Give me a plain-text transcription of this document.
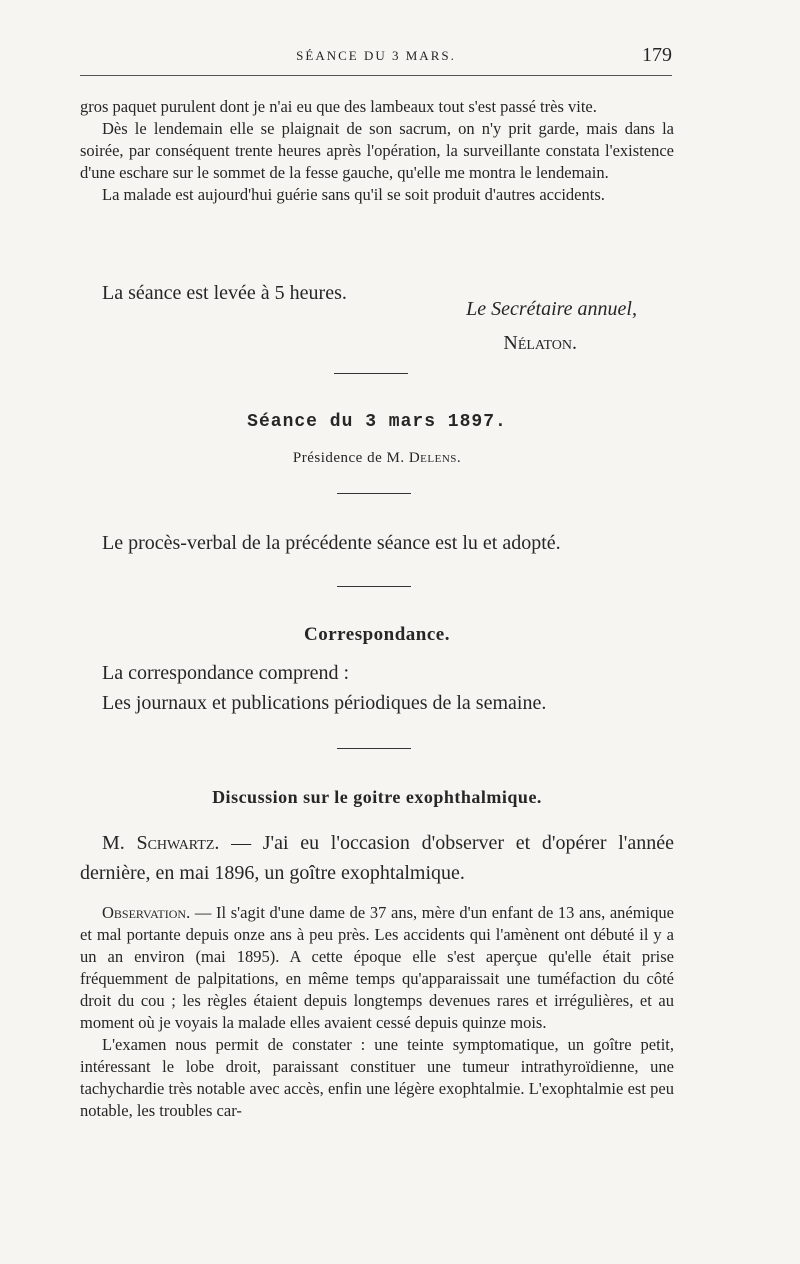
SÉANCE DU 3 MARS.	179

gros paquet purulent dont je n'ai eu que des lambeaux tout s'est passé très vite.

Dès le lendemain elle se plaignait de son sacrum, on n'y prit garde, mais dans la soirée, par conséquent trente heures après l'opération, la surveillante constata l'existence d'une eschare sur le sommet de la fesse gauche, qu'elle me montra le lendemain.

La malade est aujourd'hui guérie sans qu'il se soit produit d'autres accidents.

La séance est levée à 5 heures.

Le Secrétaire annuel,
Nélaton.
Séance du 3 mars 1897.
Présidence de M. Delens.

Le procès-verbal de la précédente séance est lu et adopté.

Correspondance.

La correspondance comprend :

Les journaux et publications périodiques de la semaine.

Discussion sur le goitre exophthalmique.

M. Schwartz. — J'ai eu l'occasion d'observer et d'opérer l'année dernière, en mai 1896, un goître exophtalmique.

Observation. — Il s'agit d'une dame de 37 ans, mère d'un enfant de 13 ans, anémique et mal portante depuis onze ans à peu près. Les accidents qui l'amènent ont débuté il y a un an environ (mai 1895). A cette époque elle s'est aperçue qu'elle était prise fréquemment de palpitations, en même temps qu'apparaissait une tuméfaction du côté droit du cou ; les règles étaient depuis longtemps devenues rares et irrégulières, et au moment où je voyais la malade elles avaient cessé depuis quinze mois.

L'examen nous permit de constater : une teinte symptomatique, un goître petit, intéressant le lobe droit, paraissant constituer une tumeur intrathyroïdienne, une tachychardie très notable avec accès, enfin une légère exophtalmie. L'exophtalmie est peu notable, les troubles car-
